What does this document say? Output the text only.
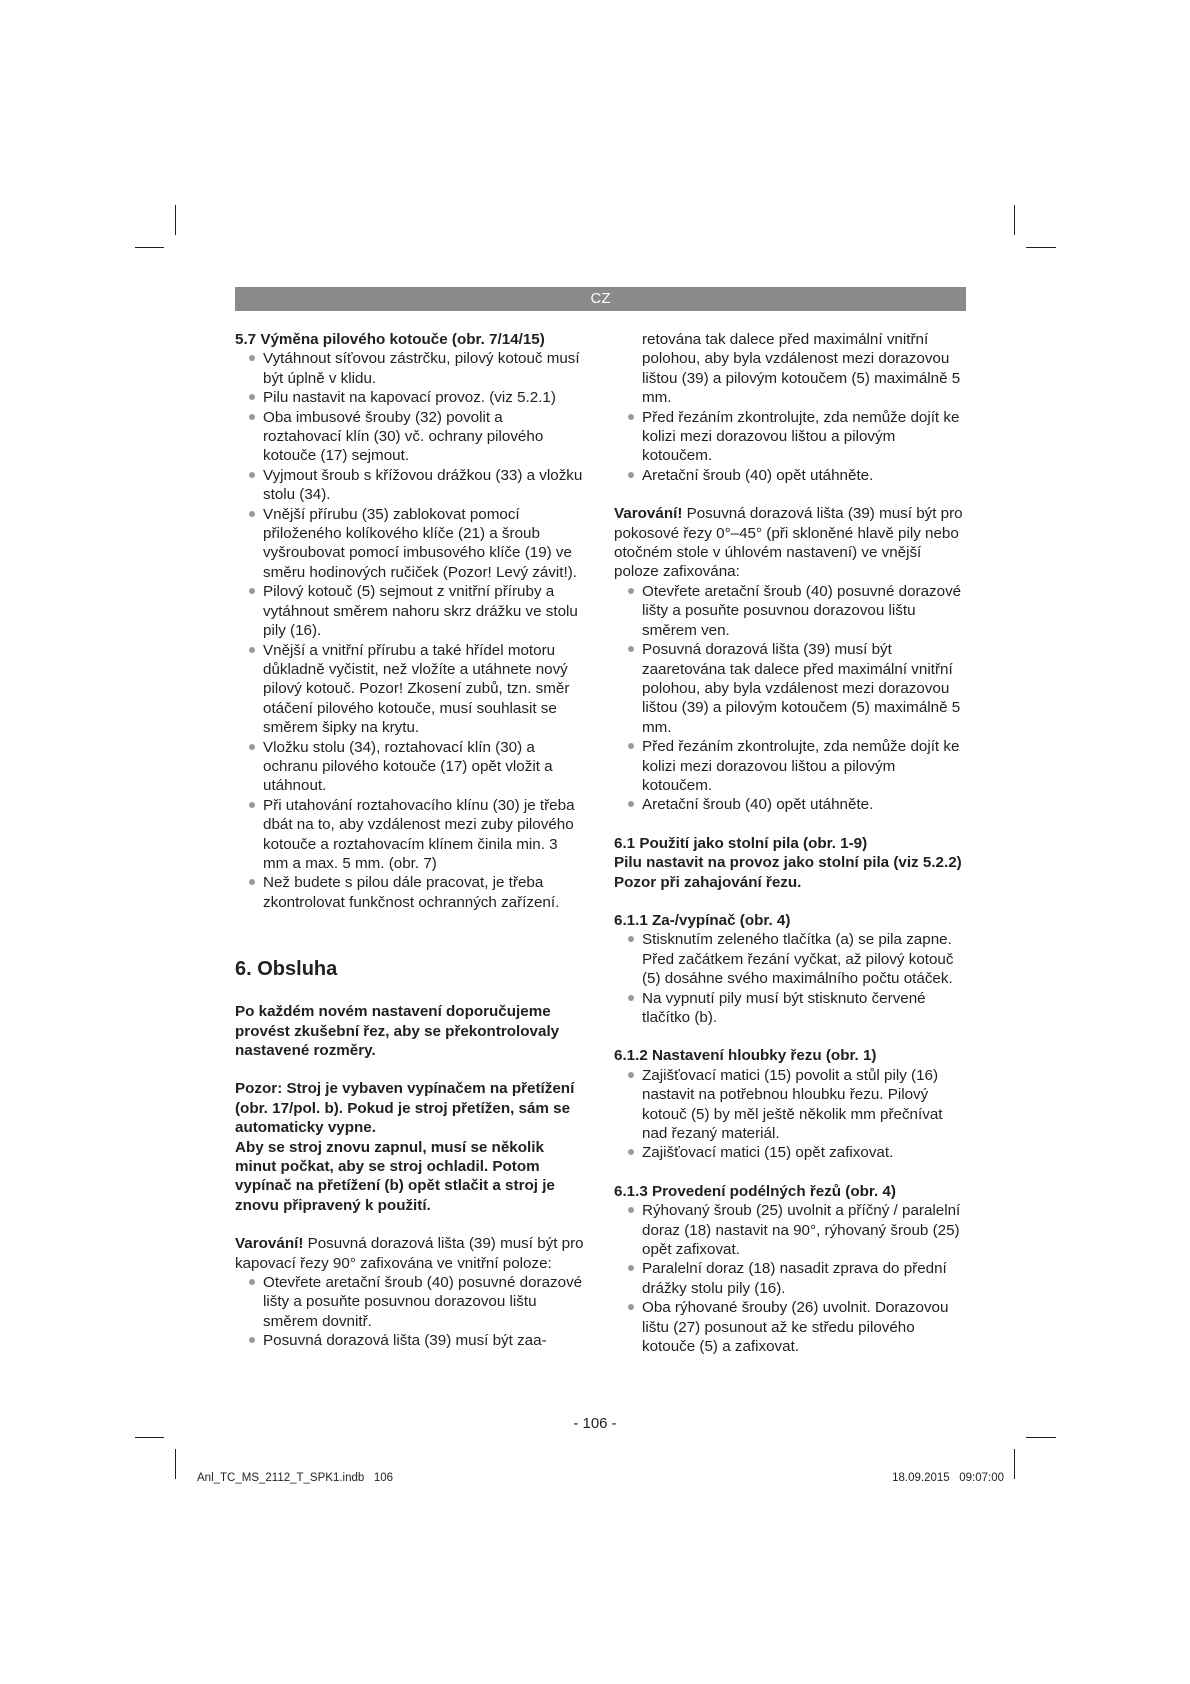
CZ

5.7 Výměna pilového kotouče (obr. 7/14/15)

Vytáhnout síťovou zástrčku, pilový kotouč musí být úplně v klidu.
Pilu nastavit na kapovací provoz. (viz 5.2.1)
Oba imbusové šrouby (32) povolit a roztahovací klín (30) vč. ochrany pilového kotouče (17) sejmout.
Vyjmout šroub s křížovou drážkou (33) a vložku stolu (34).
Vnější přírubu (35) zablokovat pomocí přiloženého kolíkového klíče (21) a šroub vyšroubovat pomocí imbusového klíče (19) ve směru hodinových ručiček (Pozor! Levý závit!).
Pilový kotouč (5) sejmout z vnitřní příruby a vytáhnout směrem nahoru skrz drážku ve stolu pily (16).
Vnější a vnitřní přírubu a také hřídel motoru důkladně vyčistit, než vložíte a utáhnete nový pilový kotouč. Pozor! Zkosení zubů, tzn. směr otáčení pilového kotouče, musí souhlasit se směrem šipky na krytu.
Vložku stolu (34), roztahovací klín (30) a ochranu pilového kotouče (17) opět vložit a utáhnout.
Při utahování roztahovacího klínu (30) je třeba dbát na to, aby vzdálenost mezi zuby pilového kotouče a roztahovacím klínem činila min. 3 mm a max. 5 mm. (obr. 7)
Než budete s pilou dále pracovat, je třeba zkontrolovat funkčnost ochranných zařízení.
6. Obsluha

Po každém novém nastavení doporučujeme provést zkušební řez, aby se překontrolovaly nastavené rozměry.

Pozor: Stroj je vybaven vypínačem na přetížení (obr. 17/pol. b). Pokud je stroj přetížen, sám se automaticky vypne.

Aby se stroj znovu zapnul, musí se několik minut počkat, aby se stroj ochladil. Potom vypínač na přetížení (b) opět stlačit a stroj je znovu připravený k použití.

Varování! Posuvná dorazová lišta (39) musí být pro kapovací řezy 90° zafixována ve vnitřní poloze:

Otevřete aretační šroub (40) posuvné dorazové lišty a posuňte posuvnou dorazovou lištu směrem dovnitř.
Posuvná dorazová lišta (39) musí být zaa-

retována tak dalece před maximální vnitřní polohou, aby byla vzdálenost mezi dorazovou lištou (39) a pilovým kotoučem (5) maximálně 5 mm.

Před řezáním zkontrolujte, zda nemůže dojít ke kolizi mezi dorazovou lištou a pilovým kotoučem.
Aretační šroub (40) opět utáhněte.

Varování! Posuvná dorazová lišta (39) musí být pro pokosové řezy 0°–45° (při skloněné hlavě pily nebo otočném stole v úhlovém nastavení) ve vnější poloze zafixována:

Otevřete aretační šroub (40) posuvné dorazové lišty a posuňte posuvnou dorazovou lištu směrem ven.
Posuvná dorazová lišta (39) musí být zaaretována tak dalece před maximální vnitřní polohou, aby byla vzdálenost mezi dorazovou lištou (39) a pilovým kotoučem (5) maximálně 5 mm.
Před řezáním zkontrolujte, zda nemůže dojít ke kolizi mezi dorazovou lištou a pilovým kotoučem.
Aretační šroub (40) opět utáhněte.

6.1 Použití jako stolní pila (obr. 1-9)

Pilu nastavit na provoz jako stolní pila (viz 5.2.2)

Pozor při zahajování řezu.

6.1.1 Za-/vypínač (obr. 4)

Stisknutím zeleného tlačítka (a) se pila zapne. Před začátkem řezání vyčkat, až pilový kotouč (5) dosáhne svého maximálního počtu otáček.
Na vypnutí pily musí být stisknuto červené tlačítko (b).

6.1.2 Nastavení hloubky řezu (obr. 1)

Zajišťovací matici (15) povolit a stůl pily (16) nastavit na potřebnou hloubku řezu. Pilový kotouč (5) by měl ještě několik mm přečnívat nad řezaný materiál.
Zajišťovací matici (15) opět zafixovat.

6.1.3 Provedení podélných řezů (obr. 4)

Rýhovaný šroub (25) uvolnit a příčný / paralelní doraz (18) nastavit na 90°, rýhovaný šroub (25) opět zafixovat.
Paralelní doraz (18) nasadit zprava do přední drážky stolu pily (16).
Oba rýhované šrouby (26) uvolnit. Dorazovou lištu (27) posunout až ke středu pilového kotouče (5) a zafixovat.
- 106 -
Anl_TC_MS_2112_T_SPK1.indb   106	18.09.2015   09:07:00
